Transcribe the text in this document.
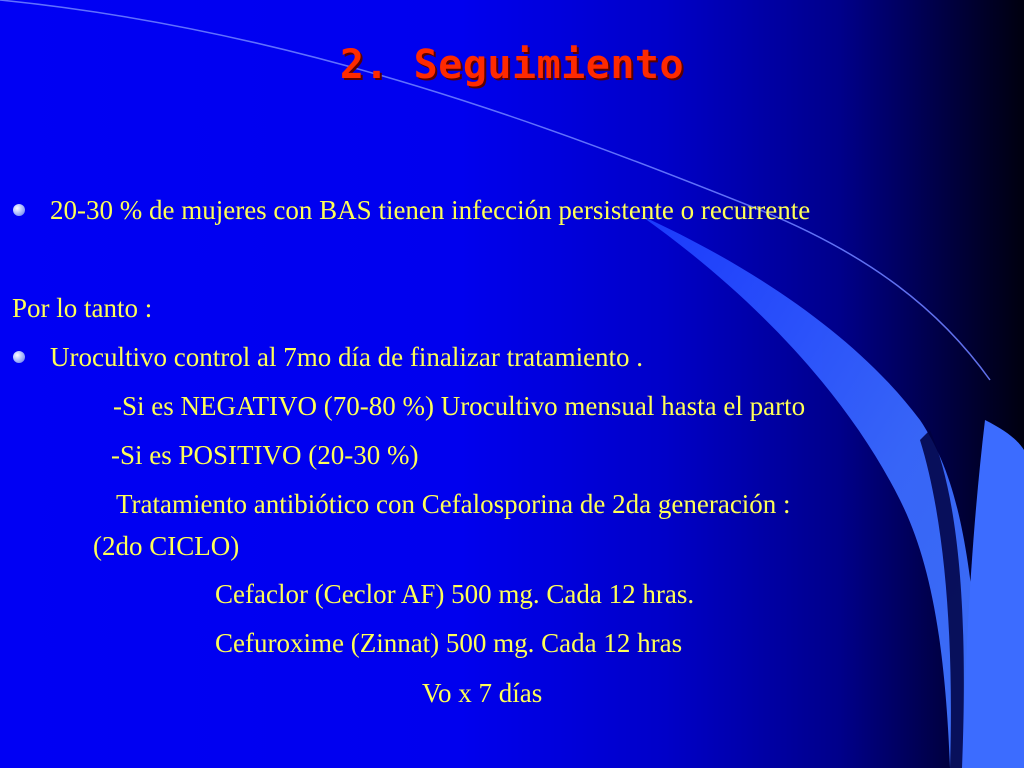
2. Seguimiento
20-30 % de mujeres con BAS tienen infección persistente o recurrente
Por lo tanto :
Urocultivo control al 7mo día de finalizar tratamiento .
-Si es NEGATIVO (70-80 %) Urocultivo mensual hasta el parto
-Si es POSITIVO (20-30 %)
Tratamiento antibiótico con Cefalosporina de 2da generación :
(2do CICLO)
Cefaclor (Ceclor AF) 500 mg. Cada 12 hras.
Cefuroxime (Zinnat) 500 mg. Cada 12 hras
Vo x 7 días
